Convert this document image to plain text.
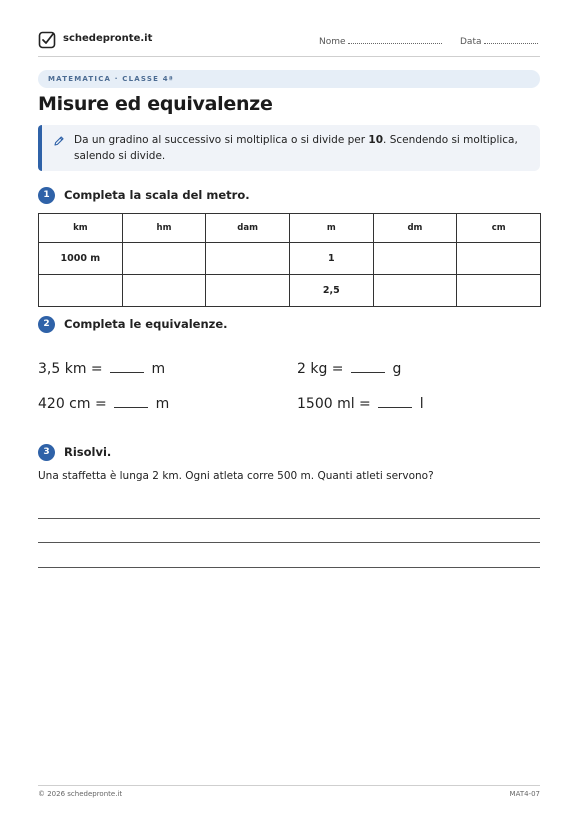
schedepronte.it	Nome	Data
MATEMATICA · CLASSE 4ª
Misure ed equivalenze
Da un gradino al successivo si moltiplica o si divide per 10. Scendendo si moltiplica, salendo si divide.
1	Completa la scala del metro.
km	hm	dam	m	dm	cm
1000 m			1		
			2,5		
2	Completa le equivalenze.
3,5 km =	m	2 kg =	g
420 cm =	m	1500 ml =	l
3	Risolvi.
Una staffetta è lunga 2 km. Ogni atleta corre 500 m. Quanti atleti servono?
© 2026 schedepronte.it	MAT4-07
